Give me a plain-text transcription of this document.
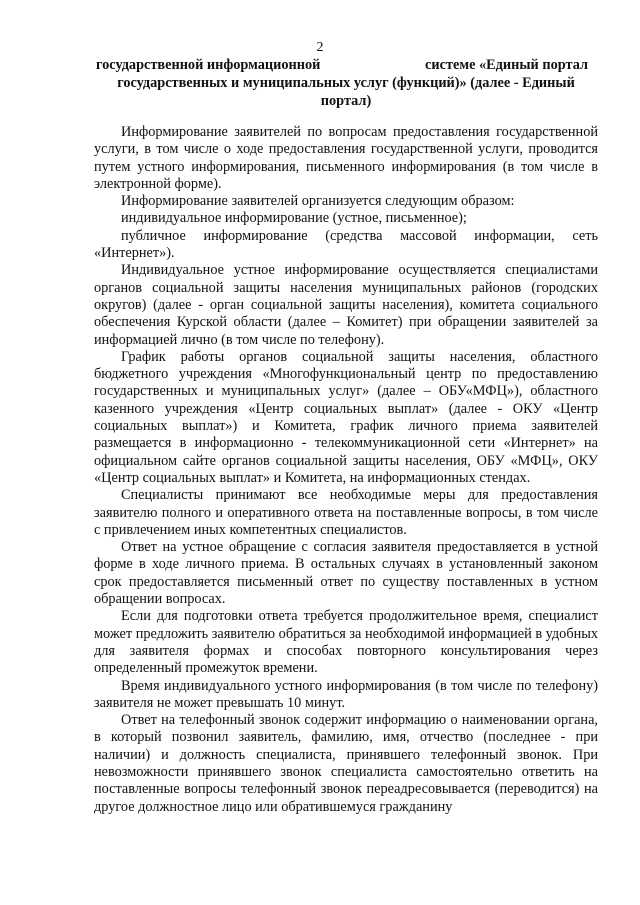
2
государственной информационной	системе «Единый портал
государственных и муниципальных услуг (функций)» (далее - Единый портал)

Информирование заявителей по вопросам предоставления государственной услуги, в том числе о ходе предоставления государственной услуги, проводится путем устного информирования, письменного информирования (в том числе в электронной форме).

Информирование заявителей организуется следующим образом:

индивидуальное информирование (устное, письменное);

публичное информирование (средства массовой информации, сеть «Интернет»).

Индивидуальное устное информирование осуществляется специалистами органов социальной защиты населения муниципальных районов (городских округов) (далее - орган социальной защиты населения), комитета социального обеспечения Курской области (далее – Комитет) при обращении заявителей за информацией лично (в том числе по телефону).

График работы органов социальной защиты населения, областного бюджетного учреждения «Многофункциональный центр по предоставлению государственных и муниципальных услуг» (далее – ОБУ«МФЦ»), областного казенного учреждения «Центр социальных выплат» (далее - ОКУ «Центр социальных выплат») и Комитета, график личного приема заявителей размещается в информационно - телекоммуникационной сети «Интернет» на официальном сайте органов социальной защиты населения, ОБУ «МФЦ», ОКУ «Центр социальных выплат» и Комитета, на информационных стендах.

Специалисты принимают все необходимые меры для предоставления заявителю полного и оперативного ответа на поставленные вопросы, в том числе с привлечением иных компетентных специалистов.

Ответ на устное обращение с согласия заявителя предоставляется в устной форме в ходе личного приема. В остальных случаях в установленный законом срок предоставляется письменный ответ по существу поставленных в устном обращении вопросах.

Если для подготовки ответа требуется продолжительное время, специалист может предложить заявителю обратиться за необходимой информацией в удобных для заявителя формах и способах повторного консультирования через определенный промежуток времени.

Время индивидуального устного информирования (в том числе по телефону) заявителя не может превышать 10 минут.

Ответ на телефонный звонок содержит информацию о наименовании органа, в который позвонил заявитель, фамилию, имя, отчество (последнее - при наличии) и должность специалиста, принявшего телефонный звонок. При невозможности принявшего звонок специалиста самостоятельно ответить на поставленные вопросы телефонный звонок переадресовывается (переводится) на другое должностное лицо или обратившемуся гражданину
